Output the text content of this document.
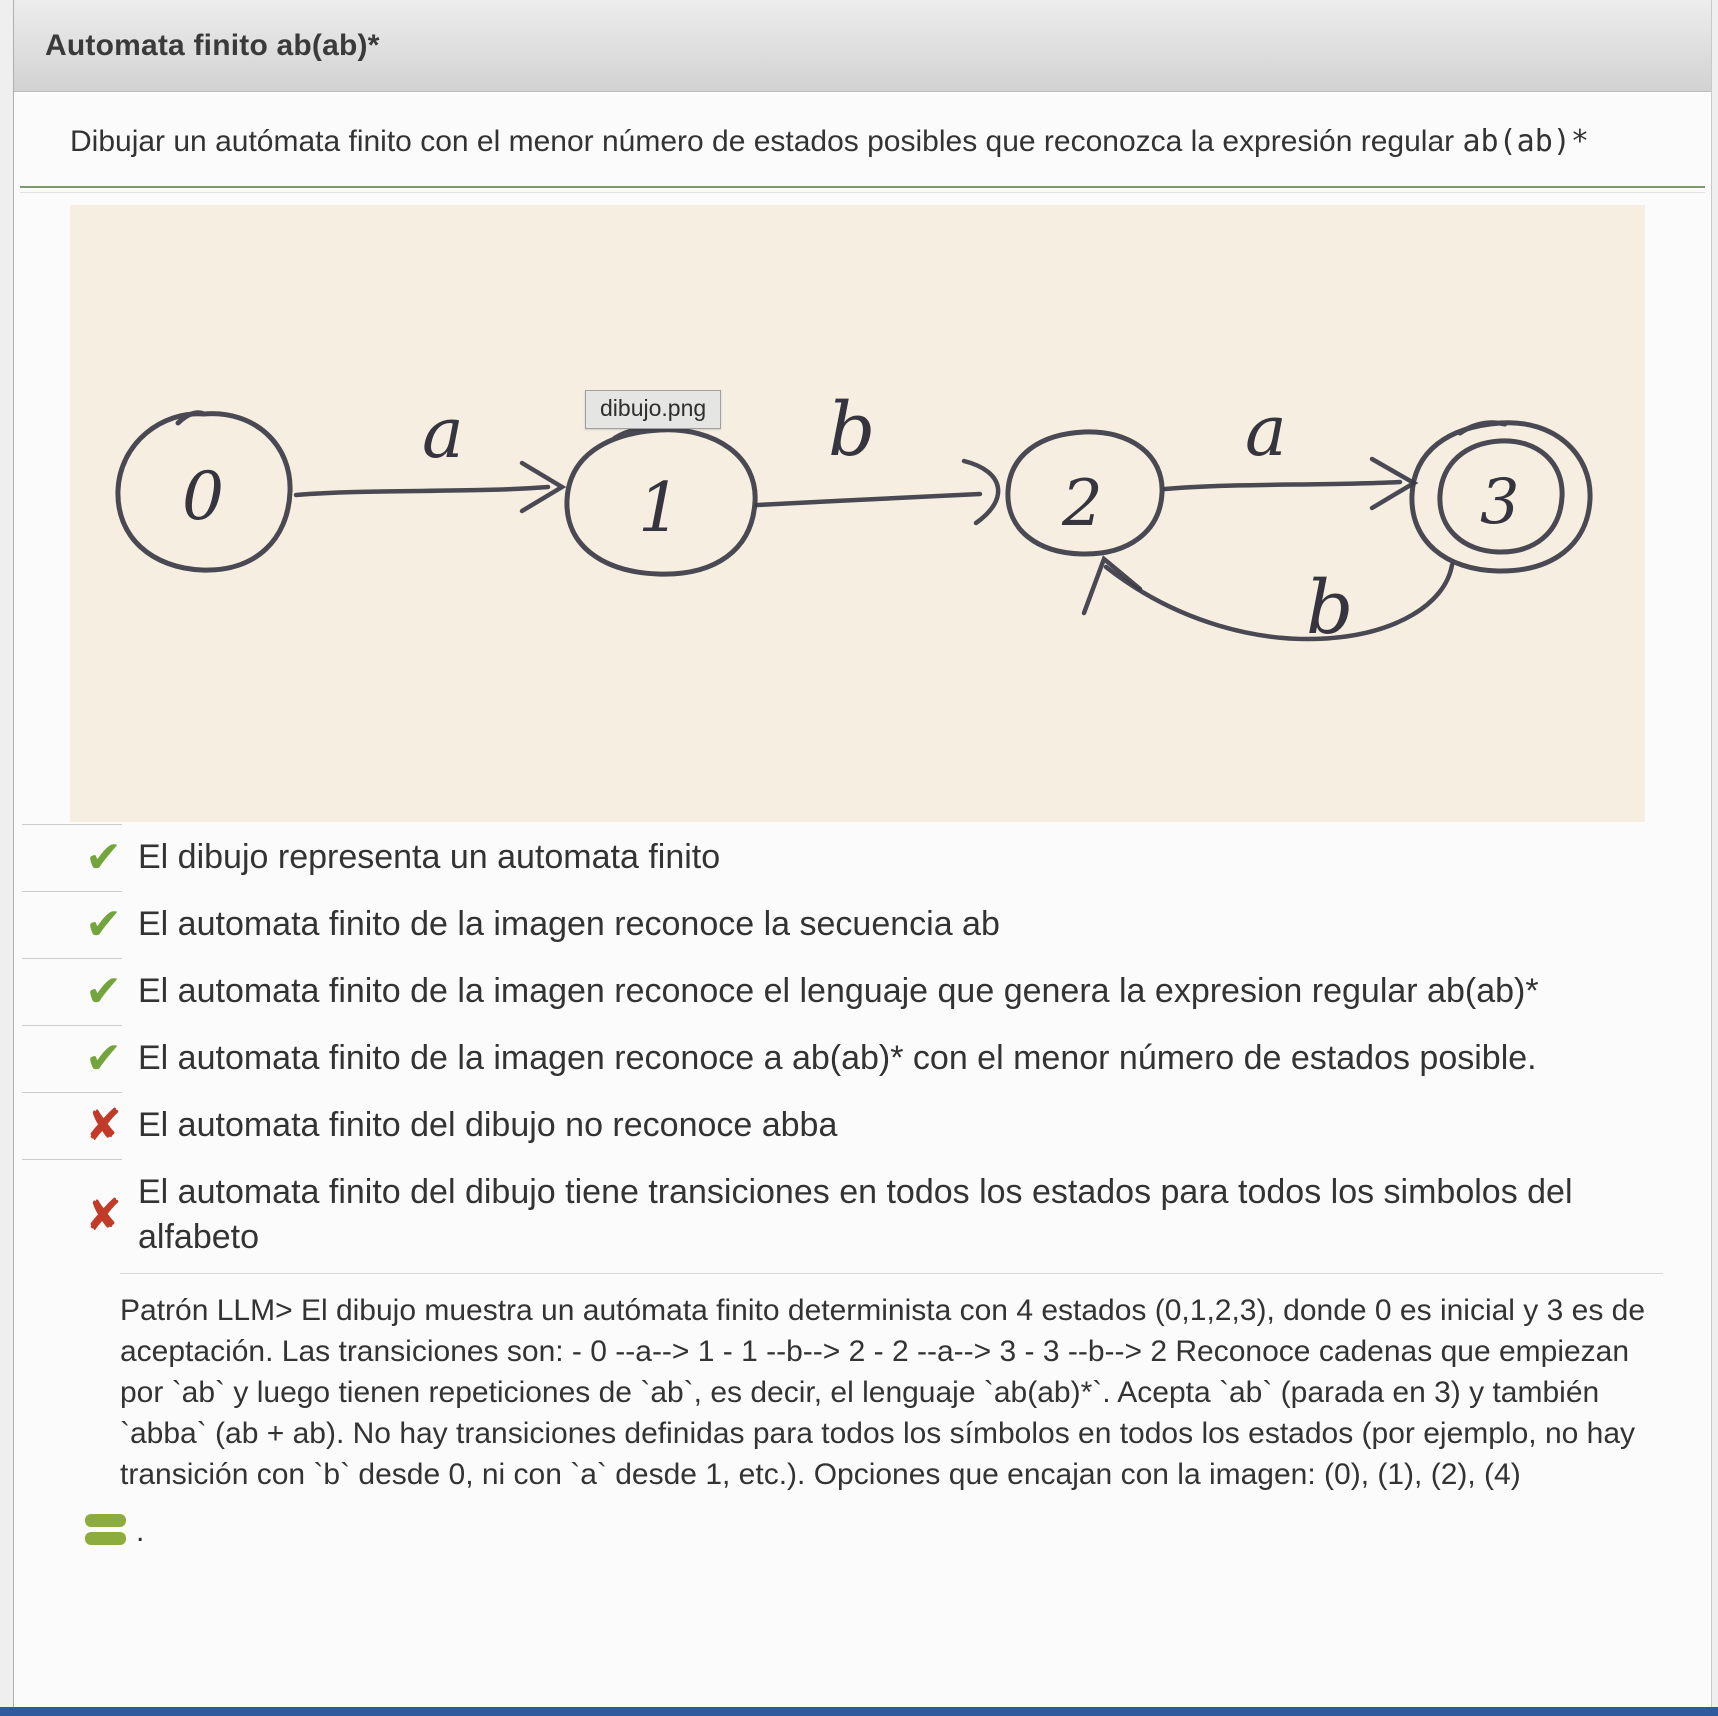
Automata finito ab(ab)*
Dibujar un autómata finito con el menor número de estados posibles que reconozca la expresión regular ab(ab)*
0
a
1
b
2
a
3
b
dibujo.png
✔
El dibujo representa un automata finito
✔
El automata finito de la imagen reconoce la secuencia ab
✔
El automata finito de la imagen reconoce el lenguaje que genera la expresion regular ab(ab)*
✔
El automata finito de la imagen reconoce a ab(ab)* con el menor número de estados posible.
✘
El automata finito del dibujo no reconoce abba
✘
El automata finito del dibujo tiene transiciones en todos los estados para todos los simbolos del alfabeto
Patrón LLM> El dibujo muestra un autómata finito determinista con 4 estados (0,1,2,3), donde 0 es inicial y 3 es de aceptación. Las transiciones son: - 0 --a--> 1 - 1 --b--> 2 - 2 --a--> 3 - 3 --b--> 2 Reconoce cadenas que empiezan por `ab` y luego tienen repeticiones de `ab`, es decir, el lenguaje `ab(ab)*`. Acepta `ab` (parada en 3) y también `abba` (ab + ab). No hay transiciones definidas para todos los símbolos en todos los estados (por ejemplo, no hay transición con `b` desde 0, ni con `a` desde 1, etc.). Opciones que encajan con la imagen: (0), (1), (2), (4)
.
